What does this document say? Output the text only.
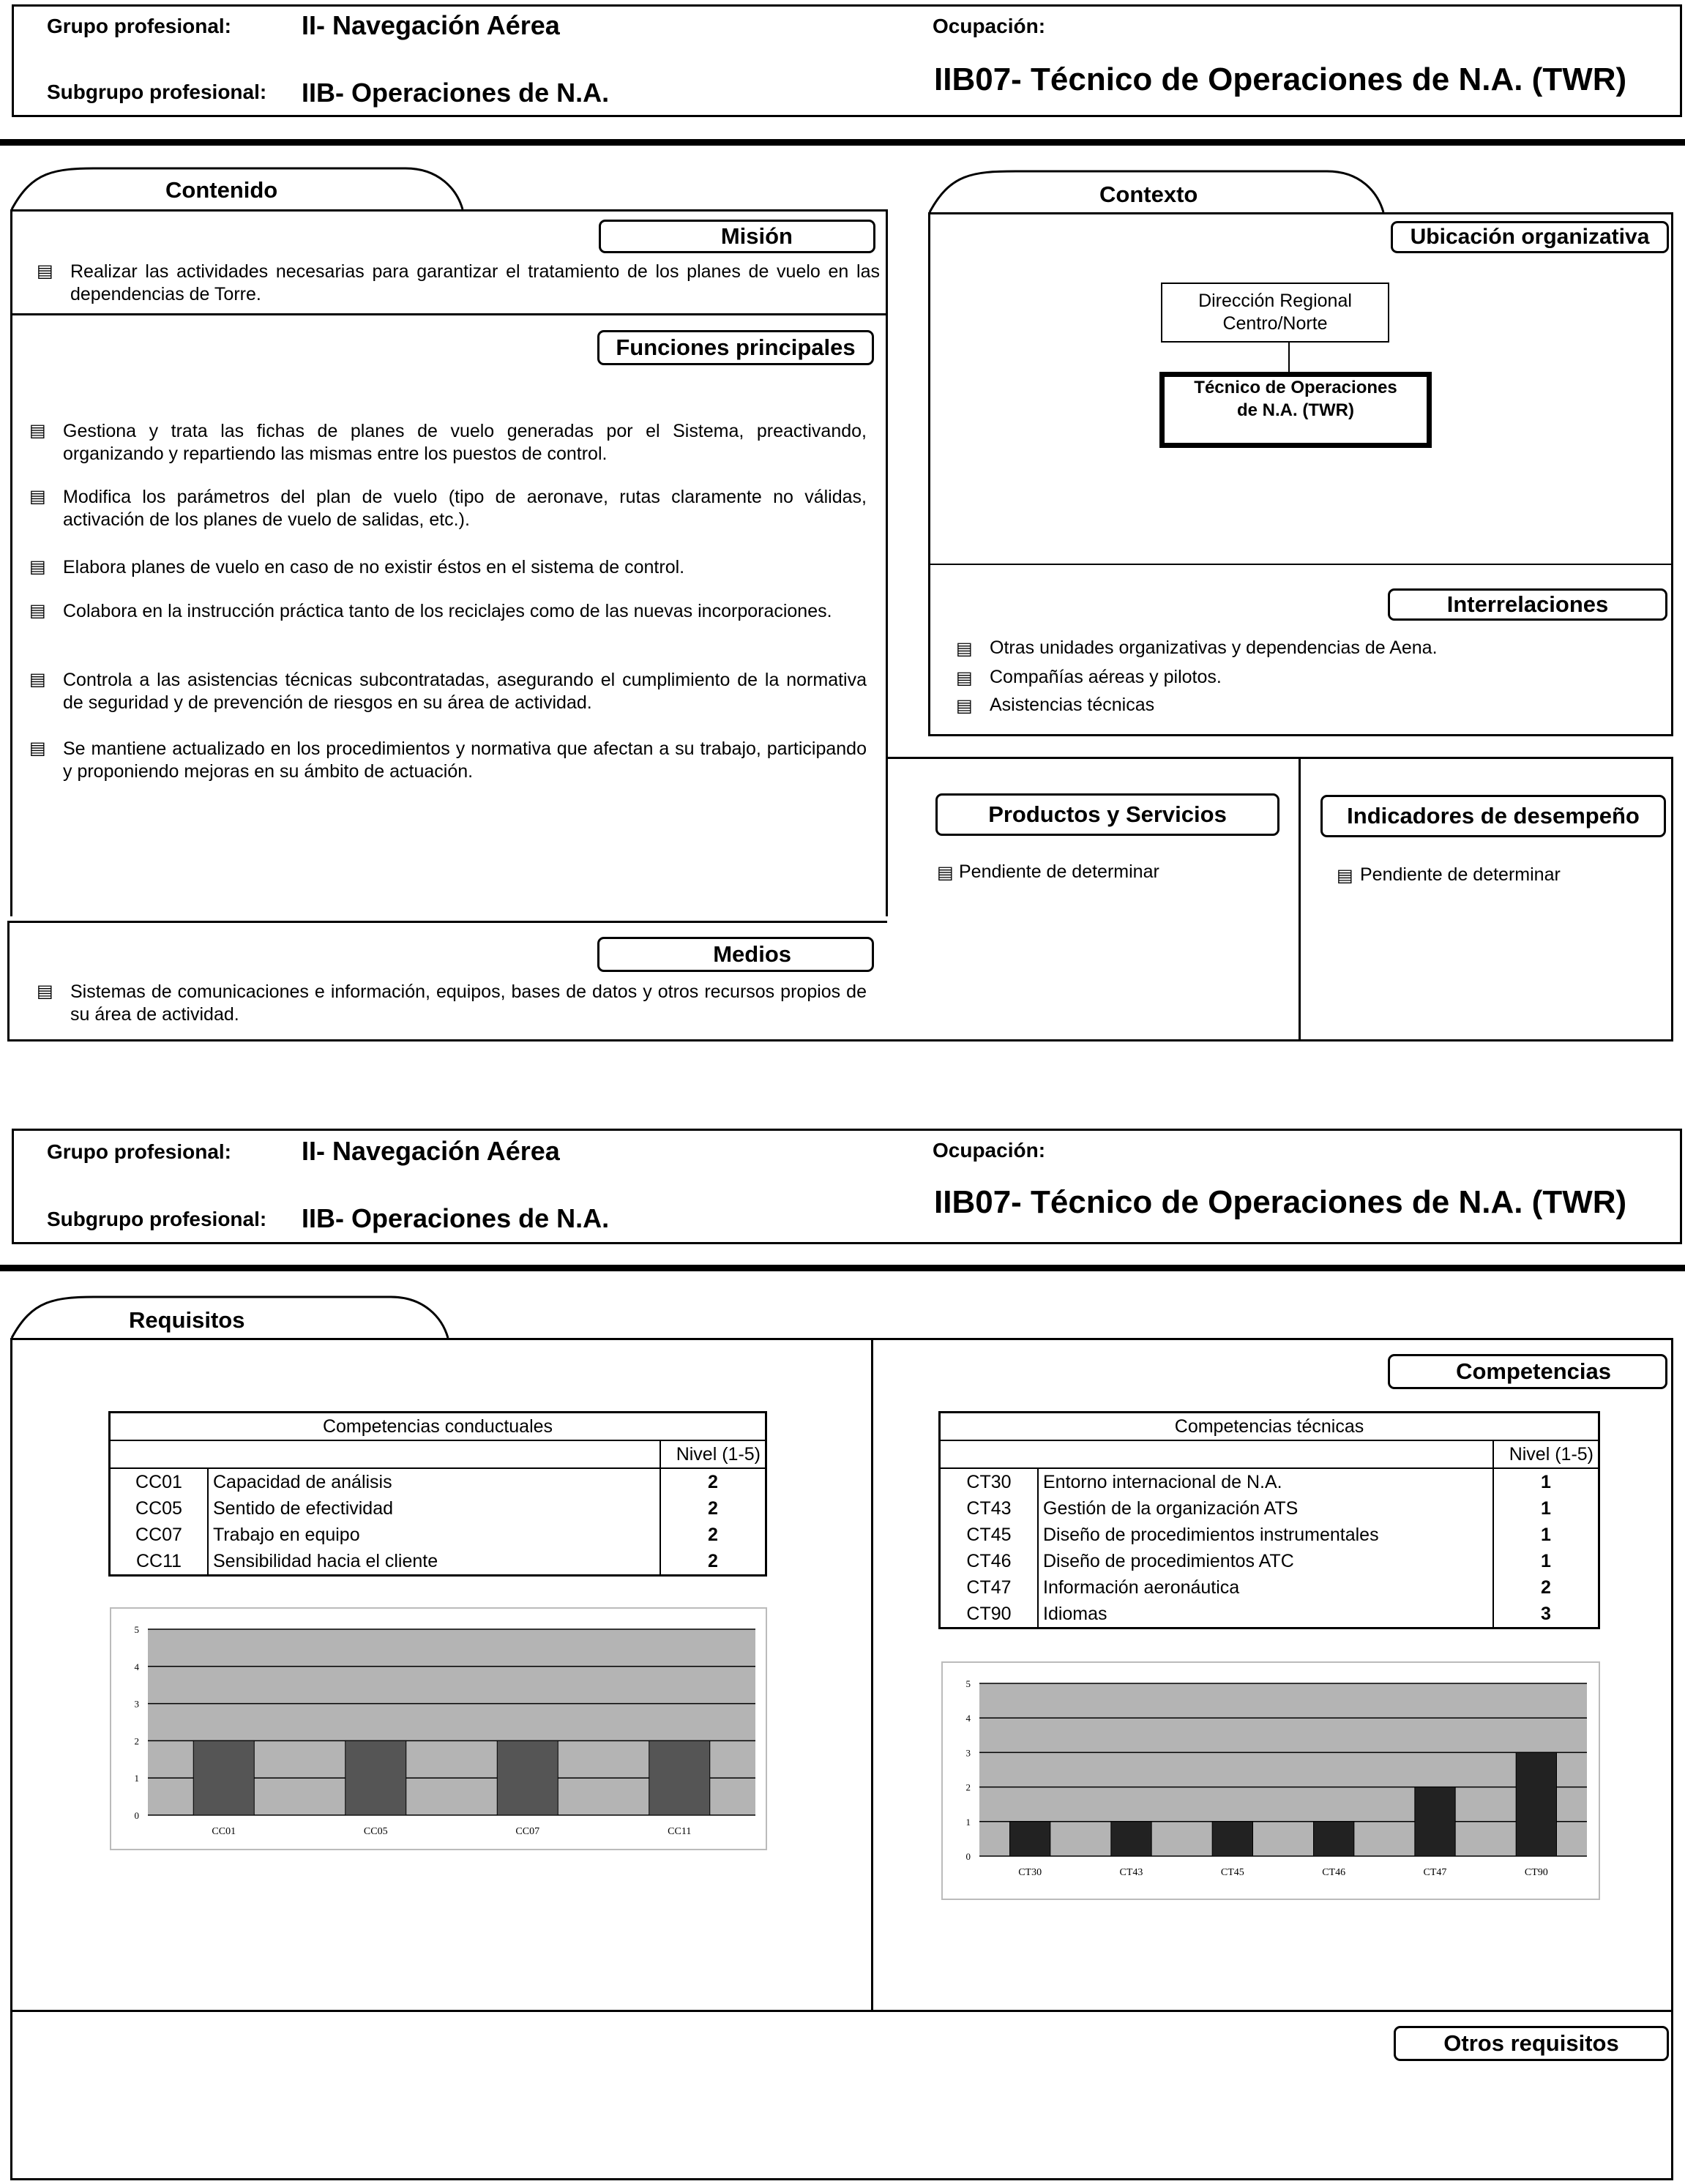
Grupo profesional:	II- Navegación Aérea
Subgrupo profesional: IIB- Operaciones de N.A.
Ocupación:
IIB07- Técnico de Operaciones de N.A. (TWR)
Contenido
Misión
▤ Realizar las actividades necesarias para garantizar el tratamiento de los planes de vuelo en las dependencias de Torre.
Funciones principales
▤ Gestiona y trata las fichas de planes de vuelo generadas por el Sistema, preactivando, organizando y repartiendo las mismas entre los puestos de control.
▤ Modifica los parámetros del plan de vuelo (tipo de aeronave, rutas claramente no válidas, activación de los planes de vuelo de salidas, etc.).
▤ Elabora planes de vuelo en caso de no existir éstos en el sistema de control.
▤ Colabora en la instrucción práctica tanto de los reciclajes como de las nuevas incorporaciones.
▤ Controla a las asistencias técnicas subcontratadas, asegurando el cumplimiento de la normativa de seguridad y de prevención de riesgos en su área de actividad.
▤ Se mantiene actualizado en los procedimientos y normativa que afectan a su trabajo, participando y proponiendo mejoras en su ámbito de actuación.
Medios
▤ Sistemas de comunicaciones e información, equipos, bases de datos y otros recursos propios de su área de actividad.
Contexto
Ubicación organizativa
Dirección Regional Centro/Norte
Técnico de Operaciones de N.A. (TWR)
Interrelaciones
▤ Otras unidades organizativas y dependencias de Aena.
▤ Compañías aéreas y pilotos.
▤ Asistencias técnicas
Productos y Servicios
▤ Pendiente de determinar
Indicadores de desempeño
▤ Pendiente de determinar
Grupo profesional:	II- Navegación Aérea
Subgrupo profesional: IIB- Operaciones de N.A.
Ocupación:
IIB07- Técnico de Operaciones de N.A. (TWR)
Requisitos
Competencias
Otros requisitos
Competencias conductuales		
		Nivel (1-5)
CC01	Capacidad de análisis	2
CC05	Sentido de efectividad	2
CC07	Trabajo en equipo	2
CC11	Sensibilidad hacia el cliente	2
Competencias técnicas		
		Nivel (1-5)
CT30	Entorno internacional de N.A.	1
CT43	Gestión de la organización ATS	1
CT45	Diseño de procedimientos instrumentales	1
CT46	Diseño de procedimientos ATC	1
CT47	Información aeronáutica	2
CT90	Idiomas	3
0
1
2
3
4
5
CC01	CC05	CC07	CC11
0
1
2
3
4
5
CT30	CT43	CT45	CT46	CT47	CT90
